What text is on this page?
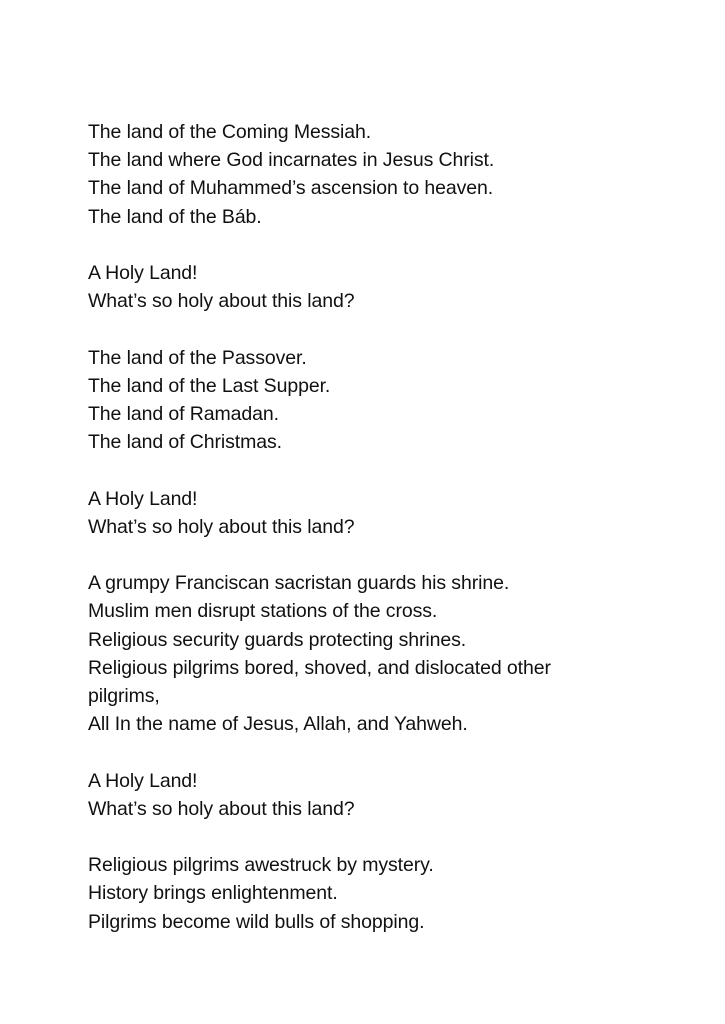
The land of the Coming Messiah.
The land where God incarnates in Jesus Christ.
The land of Muhammed’s ascension to heaven.
The land of the Báb.
A Holy Land!
What’s so holy about this land?
The land of the Passover.
The land of the Last Supper.
The land of Ramadan.
The land of Christmas.
A Holy Land!
What’s so holy about this land?
A grumpy Franciscan sacristan guards his shrine.
Muslim men disrupt stations of the cross.
Religious security guards protecting shrines.
Religious pilgrims bored, shoved, and dislocated other
pilgrims,
All In the name of Jesus, Allah, and Yahweh.
A Holy Land!
What’s so holy about this land?
Religious pilgrims awestruck by mystery.
History brings enlightenment.
Pilgrims become wild bulls of shopping.
